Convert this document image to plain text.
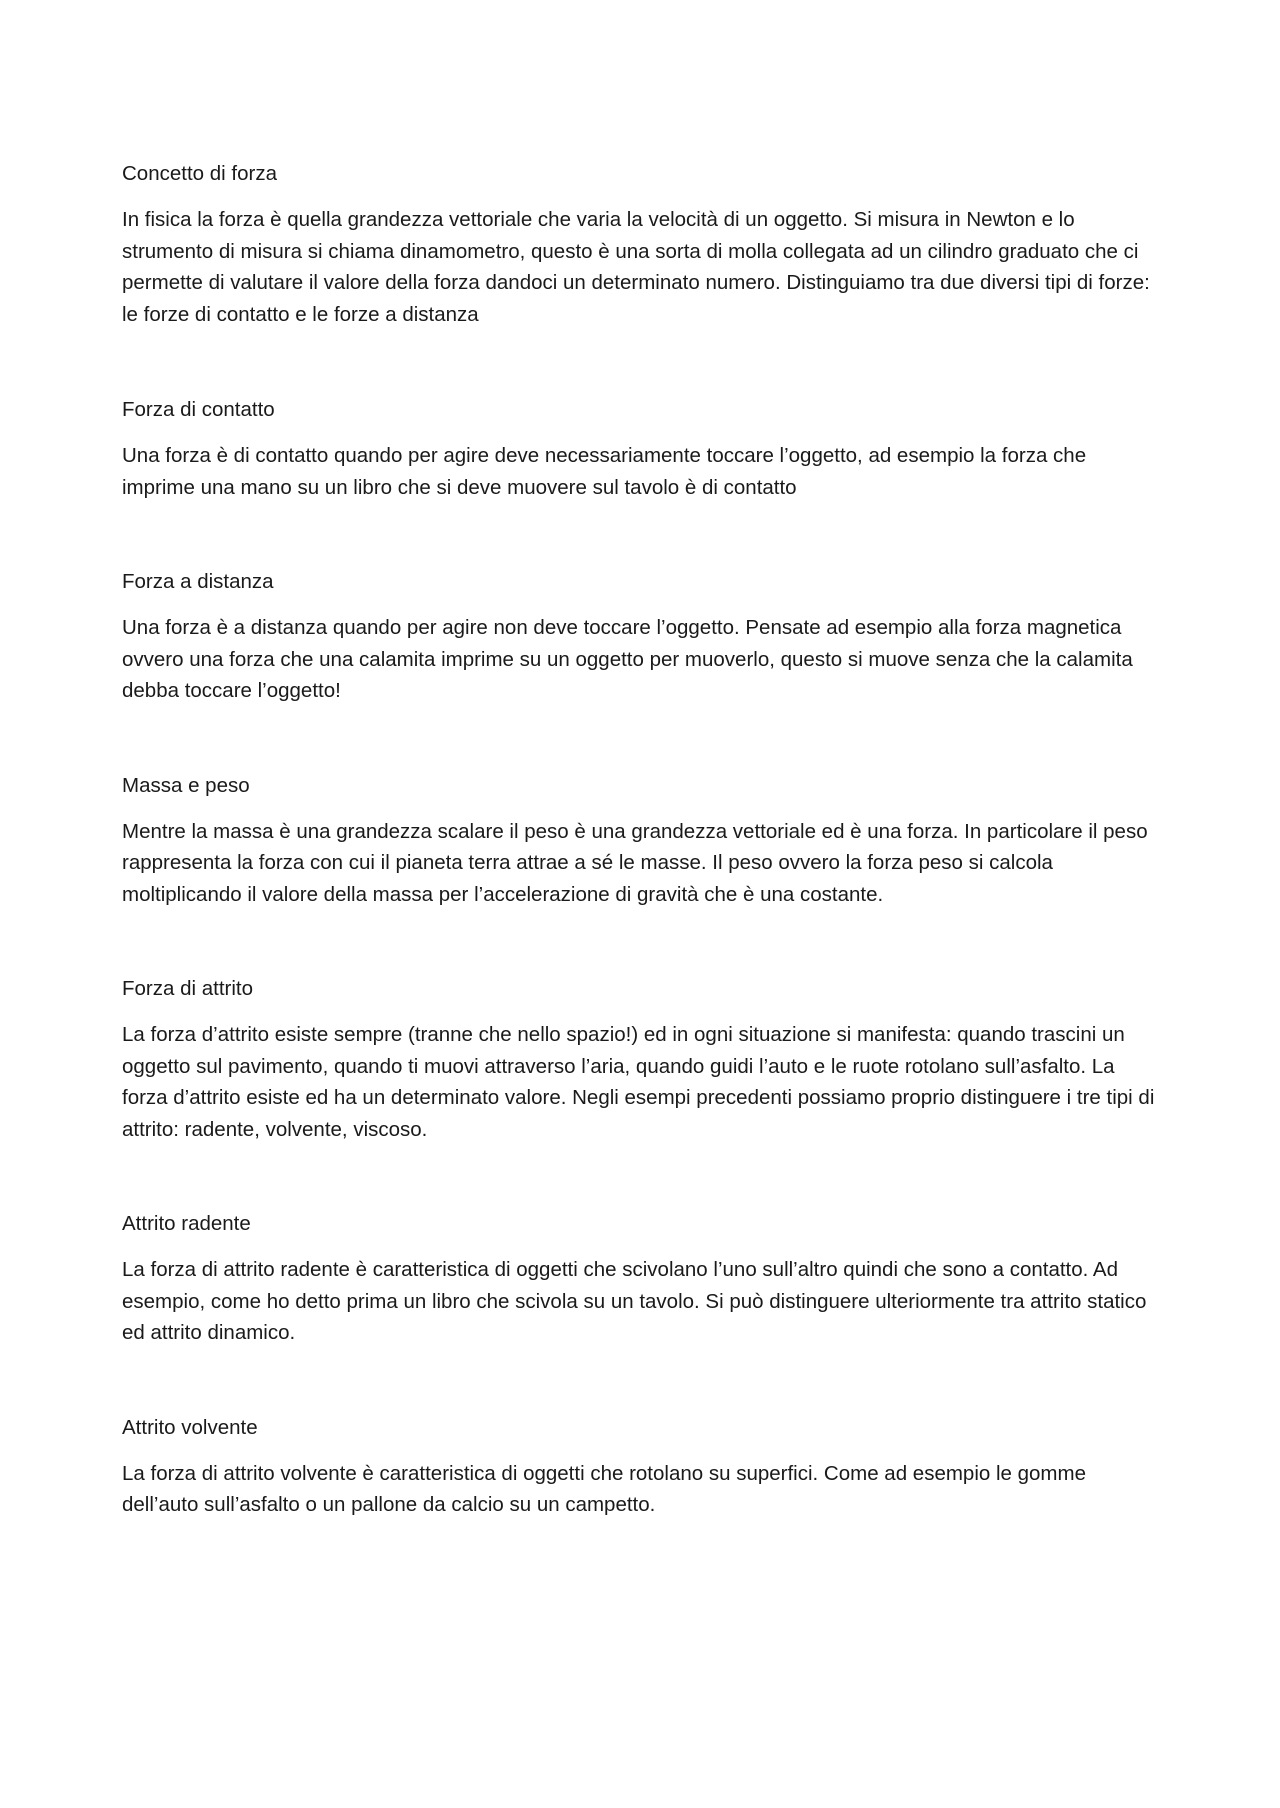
Concetto di forza

In fisica la forza è quella grandezza vettoriale che varia la velocità di un oggetto. Si misura in Newton e lo strumento di misura si chiama dinamometro, questo è una sorta di molla collegata ad un cilindro graduato che ci permette di valutare il valore della forza dandoci un determinato numero. Distinguiamo tra due diversi tipi di forze: le forze di contatto e le forze a distanza

Forza di contatto

Una forza è di contatto quando per agire deve necessariamente toccare l’oggetto, ad esempio la forza che imprime una mano su un libro che si deve muovere sul tavolo è di contatto

Forza a distanza

Una forza è a distanza quando per agire non deve toccare l’oggetto. Pensate ad esempio alla forza magnetica ovvero una forza che una calamita imprime su un oggetto per muoverlo, questo si muove senza che la calamita debba toccare l’oggetto!

Massa e peso

Mentre la massa è una grandezza scalare il peso è una grandezza vettoriale ed è una forza. In particolare il peso rappresenta la forza con cui il pianeta terra attrae a sé le masse. Il peso ovvero la forza peso si calcola moltiplicando il valore della massa per l’accelerazione di gravità che è una costante.

Forza di attrito

La forza d’attrito esiste sempre (tranne che nello spazio!) ed in ogni situazione si manifesta: quando trascini un oggetto sul pavimento, quando ti muovi attraverso l’aria, quando guidi l’auto e le ruote rotolano sull’asfalto. La forza d’attrito esiste ed ha un determinato valore. Negli esempi precedenti possiamo proprio distinguere i tre tipi di attrito: radente, volvente, viscoso.

Attrito radente

La forza di attrito radente è caratteristica di oggetti che scivolano l’uno sull’altro quindi che sono a contatto. Ad esempio, come ho detto prima un libro che scivola su un tavolo. Si può distinguere ulteriormente tra attrito statico ed attrito dinamico.

Attrito volvente

La forza di attrito volvente è caratteristica di oggetti che rotolano su superfici. Come ad esempio le gomme dell’auto sull’asfalto o un pallone da calcio su un campetto.
